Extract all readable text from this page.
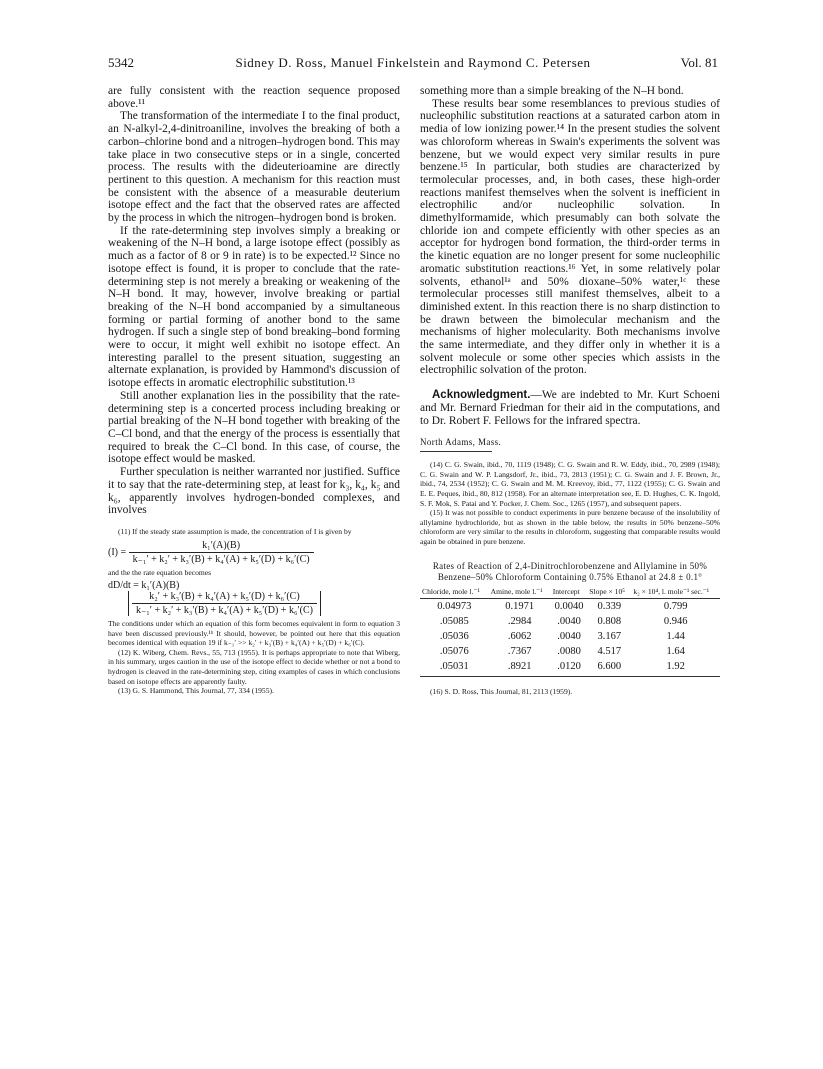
5342	Sidney D. Ross, Manuel Finkelstein and Raymond C. Petersen	Vol. 81

are fully consistent with the reaction sequence proposed above.¹¹

The transformation of the intermediate I to the final product, an N-alkyl-2,4-dinitroaniline, involves the breaking of both a carbon–chlorine bond and a nitrogen–hydrogen bond. This may take place in two consecutive steps or in a single, concerted process. The results with the dideuterioamine are directly pertinent to this question. A mechanism for this reaction must be consistent with the absence of a measurable deuterium isotope effect and the fact that the observed rates are affected by the process in which the nitrogen–hydrogen bond is broken.

If the rate-determining step involves simply a breaking or weakening of the N–H bond, a large isotope effect (possibly as much as a factor of 8 or 9 in rate) is to be expected.¹² Since no isotope effect is found, it is proper to conclude that the rate-determining step is not merely a breaking or weakening of the N–H bond. It may, however, involve breaking or partial breaking of the N–H bond accompanied by a simultaneous forming or partial forming of another bond to the same hydrogen. If such a single step of bond breaking–bond forming were to occur, it might well exhibit no isotope effect. An interesting parallel to the present situation, suggesting an alternate explanation, is provided by Hammond's discussion of isotope effects in aromatic electrophilic substitution.¹³

Still another explanation lies in the possibility that the rate-determining step is a concerted process including breaking or partial breaking of the N–H bond together with breaking of the C–Cl bond, and that the energy of the process is essentially that required to break the C–Cl bond. In this case, of course, the isotope effect would be masked.

Further speculation is neither warranted nor justified. Suffice it to say that the rate-determining step, at least for k₃, k₄, k₅ and k₆, apparently involves hydrogen-bonded complexes, and involves

(11) If the steady state assumption is made, the concentration of I is given by

$(I) = \frac{\text{k₁′(A)(B)}}{\text{k₋₁′ + k₂′ + k₃′(B) + k₄′(A) + k₅′(D) + k₆′(C)}}$

and the the rate equation becomes

dD/dt = k₁′(A)(B)
$\frac{\text{k₂′ + k₃′(B) + k₄′(A) + k₅′(D) + k₆′(C)}}{\text{k₋₁′ + k₂′ + k₃′(B) + k₄′(A) + k₅′(D) + k₆′(C)}}$

The conditions under which an equation of this form becomes equivalent in form to equation 3 have been discussed previously.¹ᵇ It should, however, be pointed out here that this equation becomes identical with equation 19 if k₋₁′ >> k₂′ + k₃′(B) + k₄′(A) + k₅′(D) + k₆′(C).

(12) K. Wiberg, Chem. Revs., 55, 713 (1955). It is perhaps appropriate to note that Wiberg, in his summary, urges caution in the use of the isotope effect to decide whether or not a bond to hydrogen is cleaved in the rate-determining step, citing examples of cases in which conclusions based on isotope effects are apparently faulty.

(13) G. S. Hammond, This Journal, 77, 334 (1955).

something more than a simple breaking of the N–H bond.

These results bear some resemblances to previous studies of nucleophilic substitution reactions at a saturated carbon atom in media of low ionizing power.¹⁴ In the present studies the solvent was chloroform whereas in Swain's experiments the solvent was benzene, but we would expect very similar results in pure benzene.¹⁵ In particular, both studies are characterized by termolecular processes, and, in both cases, these high-order reactions manifest themselves when the solvent is inefficient in electrophilic and/or nucleophilic solvation. In dimethylformamide, which presumably can both solvate the chloride ion and compete efficiently with other species as an acceptor for hydrogen bond formation, the third-order terms in the kinetic equation are no longer present for some nucleophilic aromatic substitution reactions.¹⁶ Yet, in some relatively polar solvents, ethanol¹ᵃ and 50% dioxane–50% water,¹ᶜ these termolecular processes still manifest themselves, albeit to a diminished extent. In this reaction there is no sharp distinction to be drawn between the bimolecular mechanism and the mechanisms of higher molecularity. Both mechanisms involve the same intermediate, and they differ only in whether it is a solvent molecule or some other species which assists in the electrophilic solvation of the proton.

Acknowledgment.—We are indebted to Mr. Kurt Schoeni and Mr. Bernard Friedman for their aid in the computations, and to Dr. Robert F. Fellows for the infrared spectra.

North Adams, Mass.

(14) C. G. Swain, ibid., 70, 1119 (1948); C. G. Swain and R. W. Eddy, ibid., 70, 2989 (1948); C. G. Swain and W. P. Langsdorf, Jr., ibid., 73, 2813 (1951); C. G. Swain and J. F. Brown, Jr., ibid., 74, 2534 (1952); C. G. Swain and M. M. Kreevoy, ibid., 77, 1122 (1955); C. G. Swain and E. E. Peques, ibid., 80, 812 (1958). For an alternate interpretation see, E. D. Hughes, C. K. Ingold, S. F. Mok, S. Patai and Y. Pocker, J. Chem. Soc., 1265 (1957), and subsequent papers.

(15) It was not possible to conduct experiments in pure benzene because of the insolubility of allylamine hydrochloride, but as shown in the table below, the results in 50% benzene–50% chloroform are very similar to the results in chloroform, suggesting that comparable results would again be obtained in pure benzene.

Rates of Reaction of 2,4-Dinitrochlorobenzene and Allylamine in 50% Benzene–50% Chloroform Containing 0.75% Ethanol at 24.8 ± 0.1°
Chloride, mole l.⁻¹	Amine, mole l.⁻¹	Intercept	Slope × 10⁵	k₂ × 10⁴, l. mole⁻¹ sec.⁻¹
0.04973	0.1971	0.0040	0.339	0.799
.05085	.2984	.0040	0.808	0.946
.05036	.6062	.0040	3.167	1.44
.05076	.7367	.0080	4.517	1.64
.05031	.8921	.0120	6.600	1.92

(16) S. D. Ross, This Journal, 81, 2113 (1959).
